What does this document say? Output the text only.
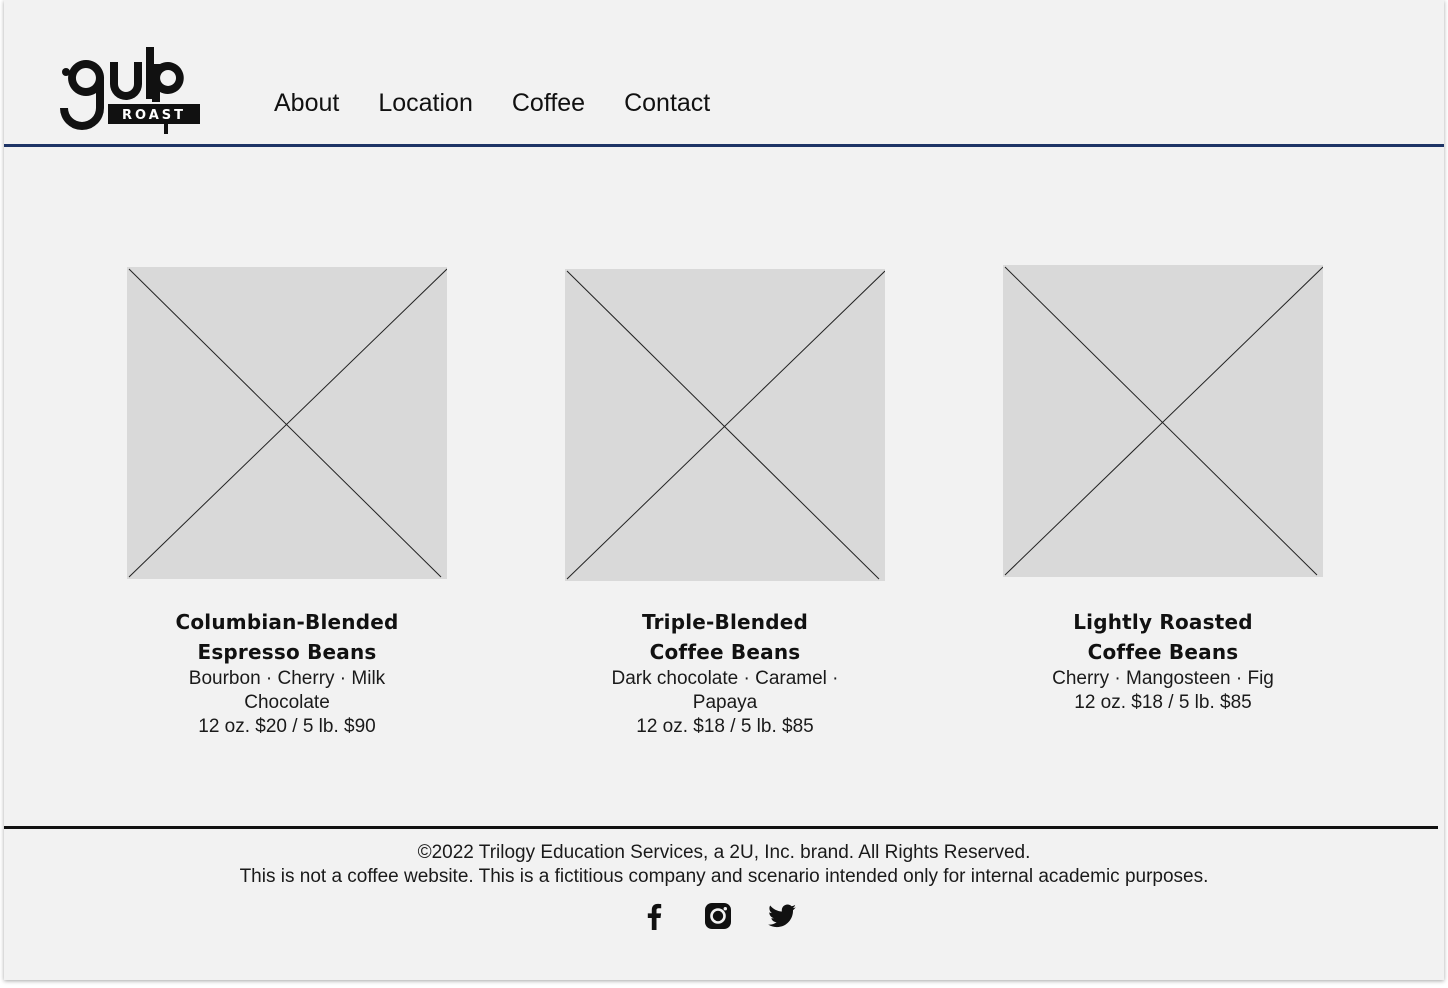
ROAST	About Location Coffee Contact
Columbian-Blended Espresso Beans
Bourbon · Cherry · Milk Chocolate
12 oz. $20 / 5 lb. $90
Triple-Blended Coffee Beans
Dark chocolate · Caramel · Papaya
12 oz. $18 / 5 lb. $85
Lightly Roasted Coffee Beans
Cherry · Mangosteen · Fig
12 oz. $18 / 5 lb. $85
©2022 Trilogy Education Services, a 2U, Inc. brand. All Rights Reserved.
This is not a coffee website. This is a fictitious company and scenario intended only for internal academic purposes.
